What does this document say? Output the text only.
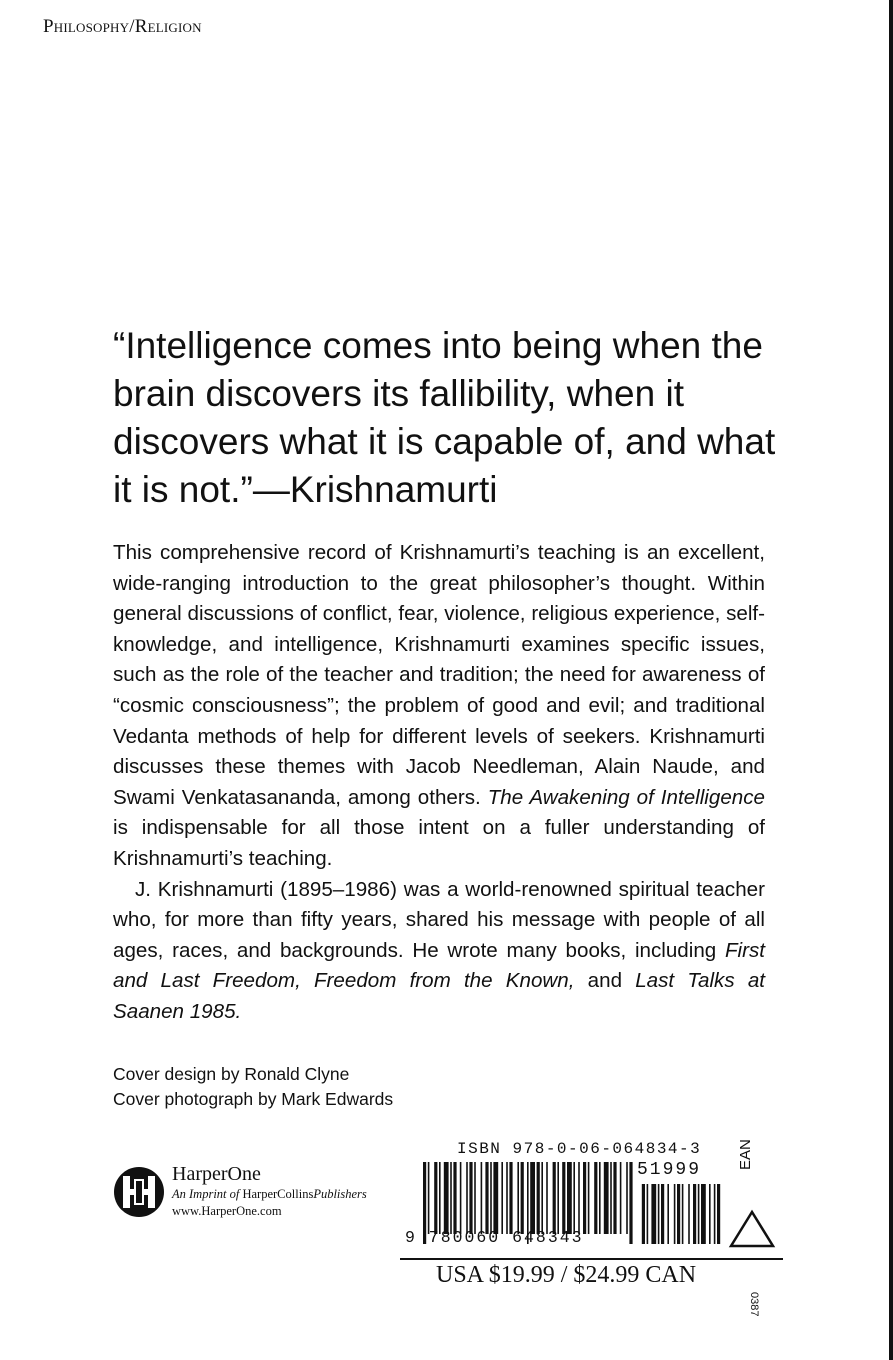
Philosophy/Religion
“Intelligence comes into being when the brain discovers its fallibility, when it discovers what it is capable of, and what it is not.”—Krishnamurti

This comprehensive record of Krishnamurti’s teaching is an excellent, wide-ranging introduction to the great philosopher’s thought. Within general discussions of conflict, fear, violence, religious experience, self-knowledge, and intelligence, Krishnamurti examines specific issues, such as the role of the teacher and tradition; the need for awareness of “cosmic consciousness”; the problem of good and evil; and traditional Vedanta methods of help for different levels of seekers. Krishnamurti discusses these themes with Jacob Needleman, Alain Naude, and Swami Venkatasananda, among others. The Awakening of Intelligence is indispensable for all those intent on a fuller understanding of Krishnamurti’s teaching.

J. Krishnamurti (1895–1986) was a world-renowned spiritual teacher who, for more than fifty years, shared his message with people of all ages, races, and backgrounds. He wrote many books, including First and Last Freedom, Freedom from the Known, and Last Talks at Saanen 1985.

Cover design by Ronald Clyne
Cover photograph by Mark Edwards
HarperOne
An Imprint of HarperCollinsPublishers
www.HarperOne.com
ISBN 978-0-06-064834-3
51999
9 780060 648343
EAN
USA $19.99 / $24.99 CAN
0387
